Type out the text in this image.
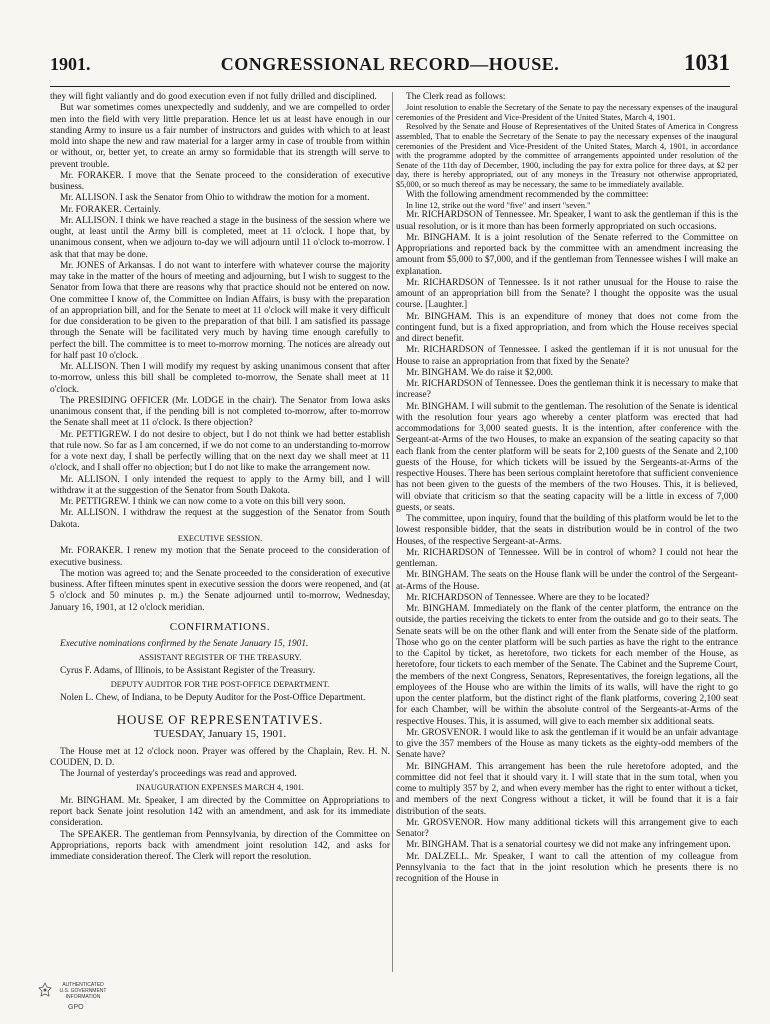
1901.	CONGRESSIONAL RECORD—HOUSE.	1031

they will fight valiantly and do good execution even if not fully drilled and disciplined.

But war sometimes comes unexpectedly and suddenly, and we are compelled to order men into the field with very little preparation. Hence let us at least have enough in our standing Army to insure us a fair number of instructors and guides with which to at least mold into shape the new and raw material for a larger army in case of trouble from within or without, or, better yet, to create an army so formidable that its strength will serve to prevent trouble.

Mr. FORAKER. I move that the Senate proceed to the consideration of executive business.

Mr. ALLISON. I ask the Senator from Ohio to withdraw the motion for a moment.

Mr. FORAKER. Certainly.

Mr. ALLISON. I think we have reached a stage in the business of the session where we ought, at least until the Army bill is completed, meet at 11 o'clock. I hope that, by unanimous consent, when we adjourn to-day we will adjourn until 11 o'clock to-morrow. I ask that that may be done.

Mr. JONES of Arkansas. I do not want to interfere with whatever course the majority may take in the matter of the hours of meeting and adjourning, but I wish to suggest to the Senator from Iowa that there are reasons why that practice should not be entered on now. One committee I know of, the Committee on Indian Affairs, is busy with the preparation of an appropriation bill, and for the Senate to meet at 11 o'clock will make it very difficult for due consideration to be given to the preparation of that bill. I am satisfied its passage through the Senate will be facilitated very much by having time enough carefully to perfect the bill. The committee is to meet to-morrow morning. The notices are already out for half past 10 o'clock.

Mr. ALLISON. Then I will modify my request by asking unanimous consent that after to-morrow, unless this bill shall be completed to-morrow, the Senate shall meet at 11 o'clock.

The PRESIDING OFFICER (Mr. LODGE in the chair). The Senator from Iowa asks unanimous consent that, if the pending bill is not completed to-morrow, after to-morrow the Senate shall meet at 11 o'clock. Is there objection?

Mr. PETTIGREW. I do not desire to object, but I do not think we had better establish that rule now. So far as I am concerned, if we do not come to an understanding to-morrow for a vote next day, I shall be perfectly willing that on the next day we shall meet at 11 o'clock, and I shall offer no objection; but I do not like to make the arrangement now.

Mr. ALLISON. I only intended the request to apply to the Army bill, and I will withdraw it at the suggestion of the Senator from South Dakota.

Mr. PETTIGREW. I think we can now come to a vote on this bill very soon.

Mr. ALLISON. I withdraw the request at the suggestion of the Senator from South Dakota.

EXECUTIVE SESSION.

Mr. FORAKER. I renew my motion that the Senate proceed to the consideration of executive business.

The motion was agreed to; and the Senate proceeded to the consideration of executive business. After fifteen minutes spent in executive session the doors were reopened, and (at 5 o'clock and 50 minutes p. m.) the Senate adjourned until to-morrow, Wednesday, January 16, 1901, at 12 o'clock meridian.

CONFIRMATIONS.

Executive nominations confirmed by the Senate January 15, 1901.

ASSISTANT REGISTER OF THE TREASURY.

Cyrus F. Adams, of Illinois, to be Assistant Register of the Treasury.

DEPUTY AUDITOR FOR THE POST-OFFICE DEPARTMENT.

Nolen L. Chew, of Indiana, to be Deputy Auditor for the Post-Office Department.

HOUSE OF REPRESENTATIVES.

TUESDAY, January 15, 1901.

The House met at 12 o'clock noon. Prayer was offered by the Chaplain, Rev. H. N. COUDEN, D. D.

The Journal of yesterday's proceedings was read and approved.

INAUGURATION EXPENSES MARCH 4, 1901.

Mr. BINGHAM. Mr. Speaker, I am directed by the Committee on Appropriations to report back Senate joint resolution 142 with an amendment, and ask for its immediate consideration.

The SPEAKER. The gentleman from Pennsylvania, by direction of the Committee on Appropriations, reports back with amendment joint resolution 142, and asks for immediate consideration thereof. The Clerk will report the resolution.

The Clerk read as follows:

Joint resolution to enable the Secretary of the Senate to pay the necessary expenses of the inaugural ceremonies of the President and Vice-President of the United States, March 4, 1901.

Resolved by the Senate and House of Representatives of the United States of America in Congress assembled, That to enable the Secretary of the Senate to pay the necessary expenses of the inaugural ceremonies of the President and Vice-President of the United States, March 4, 1901, in accordance with the programme adopted by the committee of arrangements appointed under resolution of the Senate of the 11th day of December, 1900, including the pay for extra police for three days, at $2 per day, there is hereby appropriated, out of any moneys in the Treasury not otherwise appropriated, $5,000, or so much thereof as may be necessary, the same to be immediately available.

With the following amendment recommended by the committee:

In line 12, strike out the word "five" and insert "seven."

Mr. RICHARDSON of Tennessee. Mr. Speaker, I want to ask the gentleman if this is the usual resolution, or is it more than has been formerly appropriated on such occasions.

Mr. BINGHAM. It is a joint resolution of the Senate referred to the Committee on Appropriations and reported back by the committee with an amendment increasing the amount from $5,000 to $7,000, and if the gentleman from Tennessee wishes I will make an explanation.

Mr. RICHARDSON of Tennessee. Is it not rather unusual for the House to raise the amount of an appropriation bill from the Senate? I thought the opposite was the usual course. [Laughter.]

Mr. BINGHAM. This is an expenditure of money that does not come from the contingent fund, but is a fixed appropriation, and from which the House receives special and direct benefit.

Mr. RICHARDSON of Tennessee. I asked the gentleman if it is not unusual for the House to raise an appropriation from that fixed by the Senate?

Mr. BINGHAM. We do raise it $2,000.

Mr. RICHARDSON of Tennessee. Does the gentleman think it is necessary to make that increase?

Mr. BINGHAM. I will submit to the gentleman. The resolution of the Senate is identical with the resolution four years ago whereby a center platform was erected that had accommodations for 3,000 seated guests. It is the intention, after conference with the Sergeant-at-Arms of the two Houses, to make an expansion of the seating capacity so that each flank from the center platform will be seats for 2,100 guests of the Senate and 2,100 guests of the House, for which tickets will be issued by the Sergeants-at-Arms of the respective Houses. There has been serious complaint heretofore that sufficient convenience has not been given to the guests of the members of the two Houses. This, it is believed, will obviate that criticism so that the seating capacity will be a little in excess of 7,000 guests, or seats.

The committee, upon inquiry, found that the building of this platform would be let to the lowest responsible bidder, that the seats in distribution would be in control of the two Houses, of the respective Sergeant-at-Arms.

Mr. RICHARDSON of Tennessee. Will be in control of whom? I could not hear the gentleman.

Mr. BINGHAM. The seats on the House flank will be under the control of the Sergeant-at-Arms of the House.

Mr. RICHARDSON of Tennessee. Where are they to be located?

Mr. BINGHAM. Immediately on the flank of the center platform, the entrance on the outside, the parties receiving the tickets to enter from the outside and go to their seats. The Senate seats will be on the other flank and will enter from the Senate side of the platform. Those who go on the center platform will be such parties as have the right to the entrance to the Capitol by ticket, as heretofore, two tickets for each member of the House, as heretofore, four tickets to each member of the Senate. The Cabinet and the Supreme Court, the members of the next Congress, Senators, Representatives, the foreign legations, all the employees of the House who are within the limits of its walls, will have the right to go upon the center platform, but the distinct right of the flank platforms, covering 2,100 seat for each Chamber, will be within the absolute control of the Sergeants-at-Arms of the respective Houses. This, it is assumed, will give to each member six additional seats.

Mr. GROSVENOR. I would like to ask the gentleman if it would be an unfair advantage to give the 357 members of the House as many tickets as the eighty-odd members of the Senate have?

Mr. BINGHAM. This arrangement has been the rule heretofore adopted, and the committee did not feel that it should vary it. I will state that in the sum total, when you come to multiply 357 by 2, and when every member has the right to enter without a ticket, and members of the next Congress without a ticket, it will be found that it is a fair distribution of the seats.

Mr. GROSVENOR. How many additional tickets will this arrangement give to each Senator?

Mr. BINGHAM. That is a senatorial courtesy we did not make any infringement upon.

Mr. DALZELL. Mr. Speaker, I want to call the attention of my colleague from Pennsylvania to the fact that in the joint resolution which he presents there is no recognition of the House in

AUTHENTICATED
U.S. GOVERNMENT
INFORMATION
GPO
